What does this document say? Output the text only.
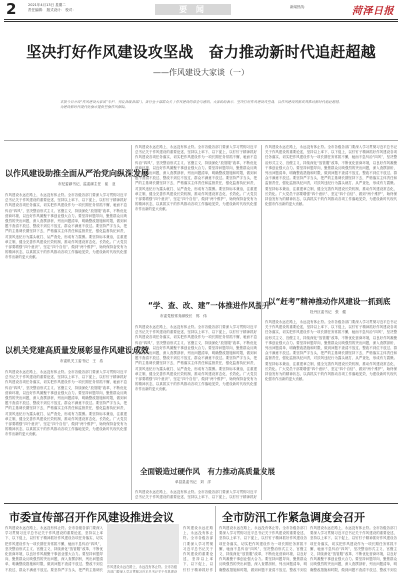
2	2021年4月13日 星期二
责任编辑： 版式设计： 校对：	要 闻	新闻热线：	菏泽日报
坚决打好作风建设攻坚战　奋力推动新时代追赶超越
——作风建设大家谈（一）
本报今日开设“作风建设大家谈”专栏，刊发各级各部门、各行业干部群众关于作风建设的体会与感悟。大家纷纷表示，坚决打好作风建设攻坚战，以作风建设的新成效推动新时代追赶超越，为建设新时代现代化强市提供坚强作风保障。
以作风建设助推全面从严治党向纵深发展
市纪委副书记、监委副主任　崔　亚
作风建设永远在路上，永远没有休止符。全市各级各部门要深入学习贯彻习近平总书记关于作风建设的重要论述，坚持以上率下、以下促上，以钉钉子精神抓好作风建设各项任务落实，切实把作风建设作为一项长期任务常抓不懈，驰而不息纠治“四风”，坚决整治形式主义、官僚主义，持续深化“放管服”改革，不断优化营商环境，以良好作风凝聚干事创业强大合力。要坚持问题导向，聚焦群众反映强烈的突出问题，深入查摆剖析，列出问题清单，明确整改措施和时限，做到问题不查清不放过、整改不到位不放过、群众不满意不放过。要坚持严字当头，把严的主基调长期坚持下去，严格落实主体责任和监督责任，强化监督执纪问责，对顶风违纪行为露头就打、从严查处，形成有力震慑。要坚持标本兼治，注重建章立制，健全完善作风建设长效机制，推动作风建设常态化、长效化。广大党员干部要增强“四个意识”、坚定“四个自信”、做到“两个维护”，始终保持奋发有为的精神状态，以真抓实干的作风推动各项工作落地见效，为建设新时代现代化强市作出新的更大贡献。
以机关党建高质量发展彰显作风建设成效
市委机关工委书记　王　浩
作风建设永远在路上，永远没有休止符。全市各级各部门要深入学习贯彻习近平总书记关于作风建设的重要论述，坚持以上率下、以下促上，以钉钉子精神抓好作风建设各项任务落实，切实把作风建设作为一项长期任务常抓不懈，驰而不息纠治“四风”，坚决整治形式主义、官僚主义，持续深化“放管服”改革，不断优化营商环境，以良好作风凝聚干事创业强大合力。要坚持问题导向，聚焦群众反映强烈的突出问题，深入查摆剖析，列出问题清单，明确整改措施和时限，做到问题不查清不放过、整改不到位不放过、群众不满意不放过。要坚持严字当头，把严的主基调长期坚持下去，严格落实主体责任和监督责任，强化监督执纪问责，对顶风违纪行为露头就打、从严查处，形成有力震慑。要坚持标本兼治，注重建章立制，健全完善作风建设长效机制，推动作风建设常态化、长效化。广大党员干部要增强“四个意识”、坚定“四个自信”、做到“两个维护”，始终保持奋发有为的精神状态，以真抓实干的作风推动各项工作落地见效，为建设新时代现代化强市作出新的更大贡献。
作风建设永远在路上，永远没有休止符。全市各级各部门要深入学习贯彻习近平总书记关于作风建设的重要论述，坚持以上率下、以下促上，以钉钉子精神抓好作风建设各项任务落实，切实把作风建设作为一项长期任务常抓不懈，驰而不息纠治“四风”，坚决整治形式主义、官僚主义，持续深化“放管服”改革，不断优化营商环境，以良好作风凝聚干事创业强大合力。要坚持问题导向，聚焦群众反映强烈的突出问题，深入查摆剖析，列出问题清单，明确整改措施和时限，做到问题不查清不放过、整改不到位不放过、群众不满意不放过。要坚持严字当头，把严的主基调长期坚持下去，严格落实主体责任和监督责任，强化监督执纪问责，对顶风违纪行为露头就打、从严查处，形成有力震慑。要坚持标本兼治，注重建章立制，健全完善作风建设长效机制，推动作风建设常态化、长效化。广大党员干部要增强“四个意识”、坚定“四个自信”、做到“两个维护”，始终保持奋发有为的精神状态，以真抓实干的作风推动各项工作落地见效，为建设新时代现代化强市作出新的更大贡献。
“学、查、改、建”一体推进作风提升
市委党校常务副校长　郭　伟
作风建设永远在路上，永远没有休止符。全市各级各部门要深入学习贯彻习近平总书记关于作风建设的重要论述，坚持以上率下、以下促上，以钉钉子精神抓好作风建设各项任务落实，切实把作风建设作为一项长期任务常抓不懈，驰而不息纠治“四风”，坚决整治形式主义、官僚主义，持续深化“放管服”改革，不断优化营商环境，以良好作风凝聚干事创业强大合力。要坚持问题导向，聚焦群众反映强烈的突出问题，深入查摆剖析，列出问题清单，明确整改措施和时限，做到问题不查清不放过、整改不到位不放过、群众不满意不放过。要坚持严字当头，把严的主基调长期坚持下去，严格落实主体责任和监督责任，强化监督执纪问责，对顶风违纪行为露头就打、从严查处，形成有力震慑。要坚持标本兼治，注重建章立制，健全完善作风建设长效机制，推动作风建设常态化、长效化。广大党员干部要增强“四个意识”、坚定“四个自信”、做到“两个维护”，始终保持奋发有为的精神状态，以真抓实干的作风推动各项工作落地见效，为建设新时代现代化强市作出新的更大贡献。
全面锻造过硬作风　有力推动高质量发展
单县县委书记　刘　洋
作风建设永远在路上，永远没有休止符。全市各级各部门要深入学习贯彻习近平总书记关于作风建设的重要论述，坚持以上率下、以下促上，以钉钉子精神抓好
作风建设永远在路上，永远没有休止符。全市各级各部门要深入学习贯彻习近平总书记关于作风建设的重要论述，坚持以上率下、以下促上，以钉钉子精神抓好作风建设各项任务落实，切实把作风建设作为一项长期任务常抓不懈，驰而不息纠治“四风”，坚决整治形式主义、官僚主义，持续深化“放管服”改革，不断优化营商环境，以良好作风凝聚干事创业强大合力。要坚持问题导向，聚焦群众反映强烈的突出问题，深入查摆剖析，列出问题清单，明确整改措施和时限，做到问题不查清不放过、整改不到位不放过、群众不满意不放过。要坚持严字当头，把严的主基调长期坚持下去，严格落实主体责任和监督责任，强化监督执纪问责，对顶风违纪行为露头就打、从严查处，形成有力震慑。要坚持标本兼治，注重建章立制，健全完善作风建设长效机制，推动作风建设常态化、长效化。广大党员干部要增强“四个意识”、坚定“四个自信”、做到“两个维护”，始终保持奋发有为的精神状态，以真抓实干的作风推动各项工作落地见效，为建设新时代现代化强市作出新的更大贡献。
以“赶考”精神推动作风建设一抓到底
牡丹区委书记　张　健
作风建设永远在路上，永远没有休止符。全市各级各部门要深入学习贯彻习近平总书记关于作风建设的重要论述，坚持以上率下、以下促上，以钉钉子精神抓好作风建设各项任务落实，切实把作风建设作为一项长期任务常抓不懈，驰而不息纠治“四风”，坚决整治形式主义、官僚主义，持续深化“放管服”改革，不断优化营商环境，以良好作风凝聚干事创业强大合力。要坚持问题导向，聚焦群众反映强烈的突出问题，深入查摆剖析，列出问题清单，明确整改措施和时限，做到问题不查清不放过、整改不到位不放过、群众不满意不放过。要坚持严字当头，把严的主基调长期坚持下去，严格落实主体责任和监督责任，强化监督执纪问责，对顶风违纪行为露头就打、从严查处，形成有力震慑。要坚持标本兼治，注重建章立制，健全完善作风建设长效机制，推动作风建设常态化、长效化。广大党员干部要增强“四个意识”、坚定“四个自信”、做到“两个维护”，始终保持奋发有为的精神状态，以真抓实干的作风推动各项工作落地见效，为建设新时代现代化强市作出新的更大贡献。
市委宣传部召开作风建设推进会议
作风建设永远在路上，永远没有休止符。全市各级各部门要深入学习贯彻习近平总书记关于作风建设的重要论述，坚持以上率下、以下促上，以钉钉子精神抓好作风建设各项任务落实，切实把作风建设作为一项长期任务常抓不懈，驰而不息纠治“四风”，坚决整治形式主义、官僚主义，持续深化“放管服”改革，不断优化营商环境，以良好作风凝聚干事创业强大合力。要坚持问题导向，聚焦群众反映强烈的突出问题，深入查摆剖析，列出问题清单，明确整改措施和时限，做到问题不查清不放过、整改不到位不放过、群众不满意不放过。要坚持严字当头，把严的主基调长
作风建设永远在路上，永远没有休止符。全市各级各部门要深入学习贯彻习近平总书记关于作风建设
作风建设永远在路上，永远没有休止符。全市各级各部门要深入学习贯彻习近平总书记关于作风建设的重要论述，坚持以上率下、以下促上，以钉钉子精神抓好作
全市防汛工作紧急调度会召开
作风建设永远在路上，永远没有休止符。全市各级各部门要深入学习贯彻习近平总书记关于作风建设的重要论述，坚持以上率下、以下促上，以钉钉子精神抓好作风建设各项任务落实，切实把作风建设作为一项长期任务常抓不懈，驰而不息纠治“四风”，坚决整治形式主义、官僚主义，持续深化“放管服”改革，不断优化营商环境，以良好作风凝聚干事创业强大合力。要坚持问题导向，聚焦群众反映强烈的突出问题，深入查摆剖析，列出问题清单，明确整改措施和时限，做到问题不查清不放过、整改不到位
作风建设永远在路上，永远没有休止符。全市各级各部门要深入学习贯彻习近平总书记关于作风建设的重要论述，坚持以上率下、以下促上，以钉钉子精神抓好作风建设各项任务落实，切实把作风建设作为一项长期任务常抓不懈，驰而不息纠治“四风”，坚决整治形式主义、官僚主义，持续深化“放管服”改革，不断优化营商环境，以良好作风凝聚干事创业强大合力。要坚持问题导向，聚焦群众反映强烈的突出问题，深入查摆剖析，列出问题清单，明确整改措施和时限，做到问题不查清不放过、整改不到位
